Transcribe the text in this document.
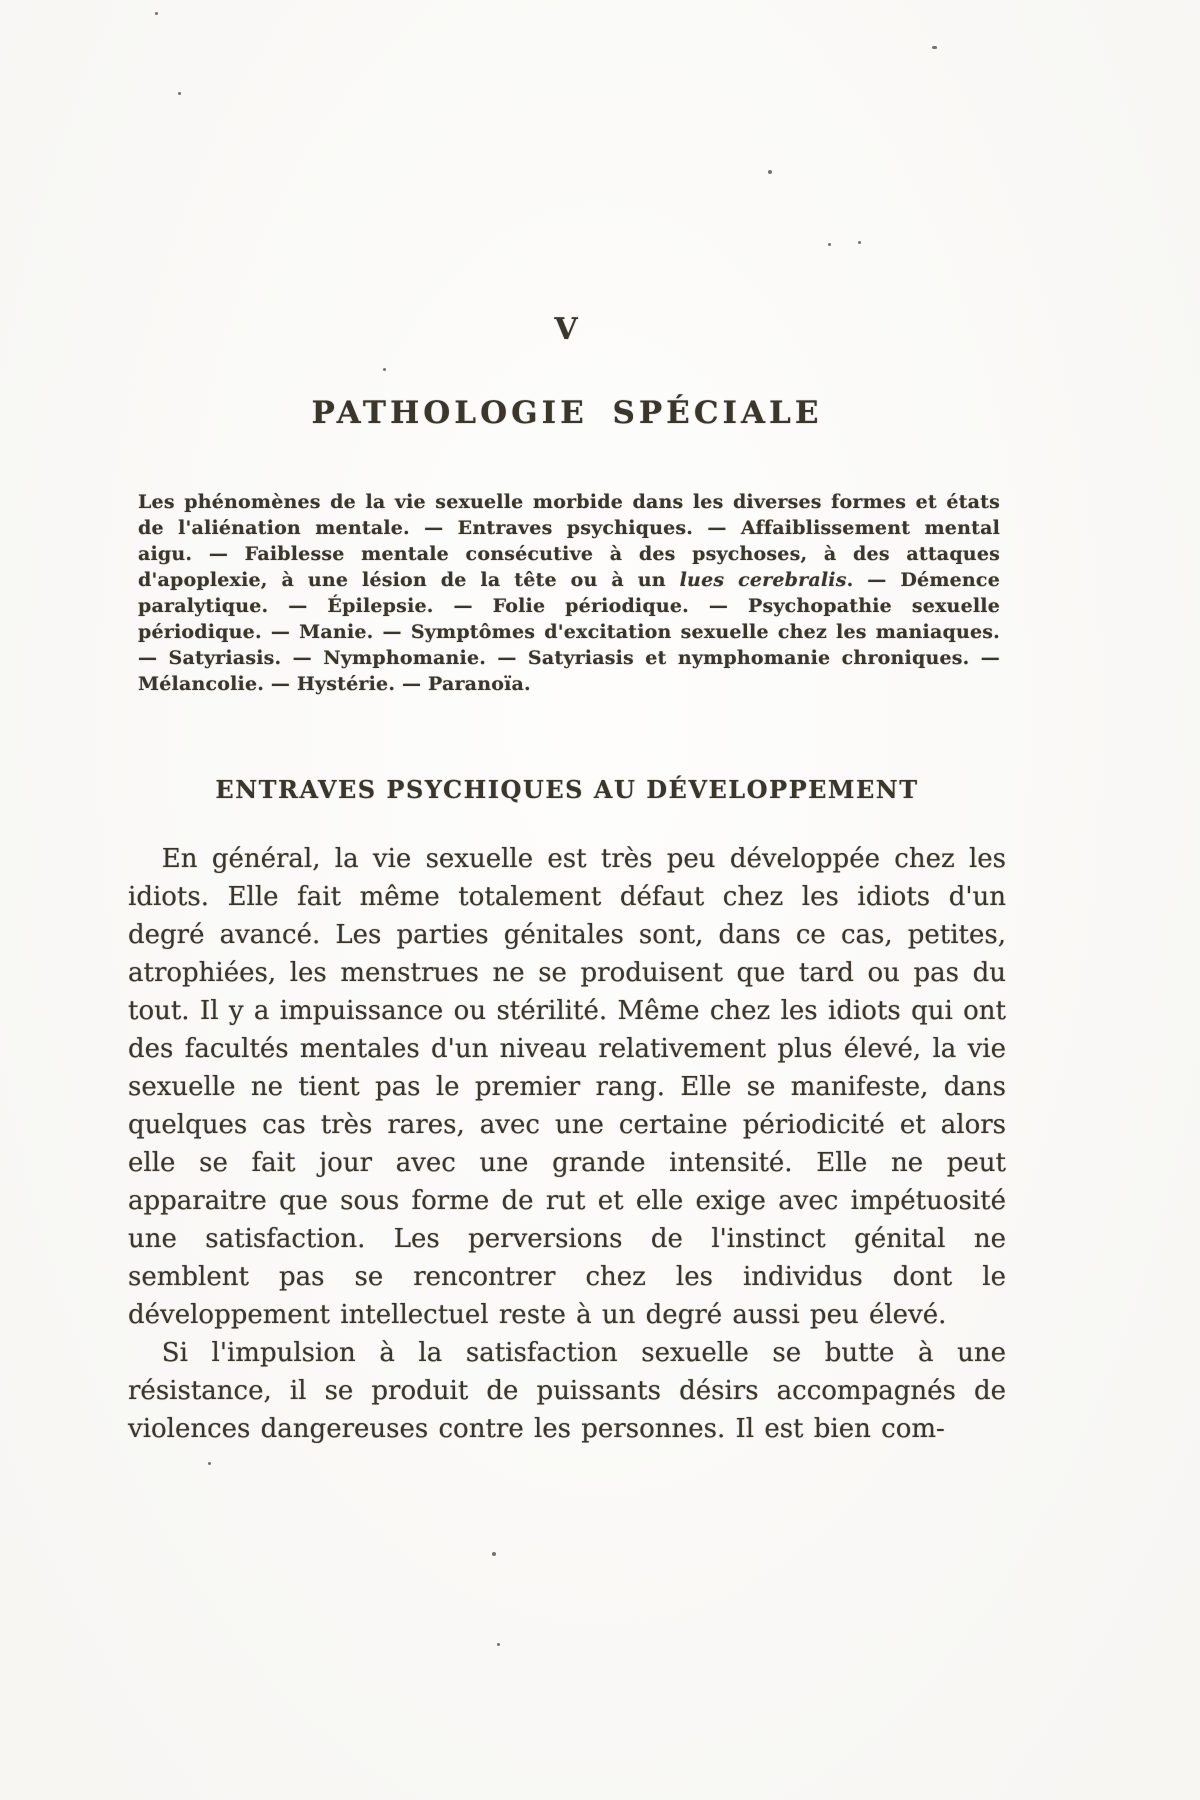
V
PATHOLOGIE SPÉCIALE

Les phénomènes de la vie sexuelle morbide dans les diverses formes et états de l'aliénation mentale. — Entraves psychiques. — Affaiblissement mental aigu. — Faiblesse mentale consécutive à des psychoses, à des attaques d'apoplexie, à une lésion de la tête ou à un lues cerebralis. — Démence paralytique. — Épilepsie. — Folie périodique. — Psychopathie sexuelle périodique. — Manie. — Symptômes d'excitation sexuelle chez les maniaques. — Satyriasis. — Nymphomanie. — Satyriasis et nymphomanie chroniques. — Mélancolie. — Hystérie. — Paranoïa.

ENTRAVES PSYCHIQUES AU DÉVELOPPEMENT

En général, la vie sexuelle est très peu développée chez les idiots. Elle fait même totalement défaut chez les idiots d'un degré avancé. Les parties génitales sont, dans ce cas, petites, atrophiées, les menstrues ne se produisent que tard ou pas du tout. Il y a impuissance ou stérilité. Même chez les idiots qui ont des facultés mentales d'un niveau relativement plus élevé, la vie sexuelle ne tient pas le premier rang. Elle se manifeste, dans quelques cas très rares, avec une certaine périodicité et alors elle se fait jour avec une grande intensité. Elle ne peut apparaitre que sous forme de rut et elle exige avec impétuosité une satisfaction. Les perversions de l'instinct génital ne semblent pas se rencontrer chez les individus dont le développement intellectuel reste à un degré aussi peu élevé.

Si l'impulsion à la satisfaction sexuelle se butte à une résistance, il se produit de puissants désirs accompagnés de violences dangereuses contre les personnes. Il est bien com-
